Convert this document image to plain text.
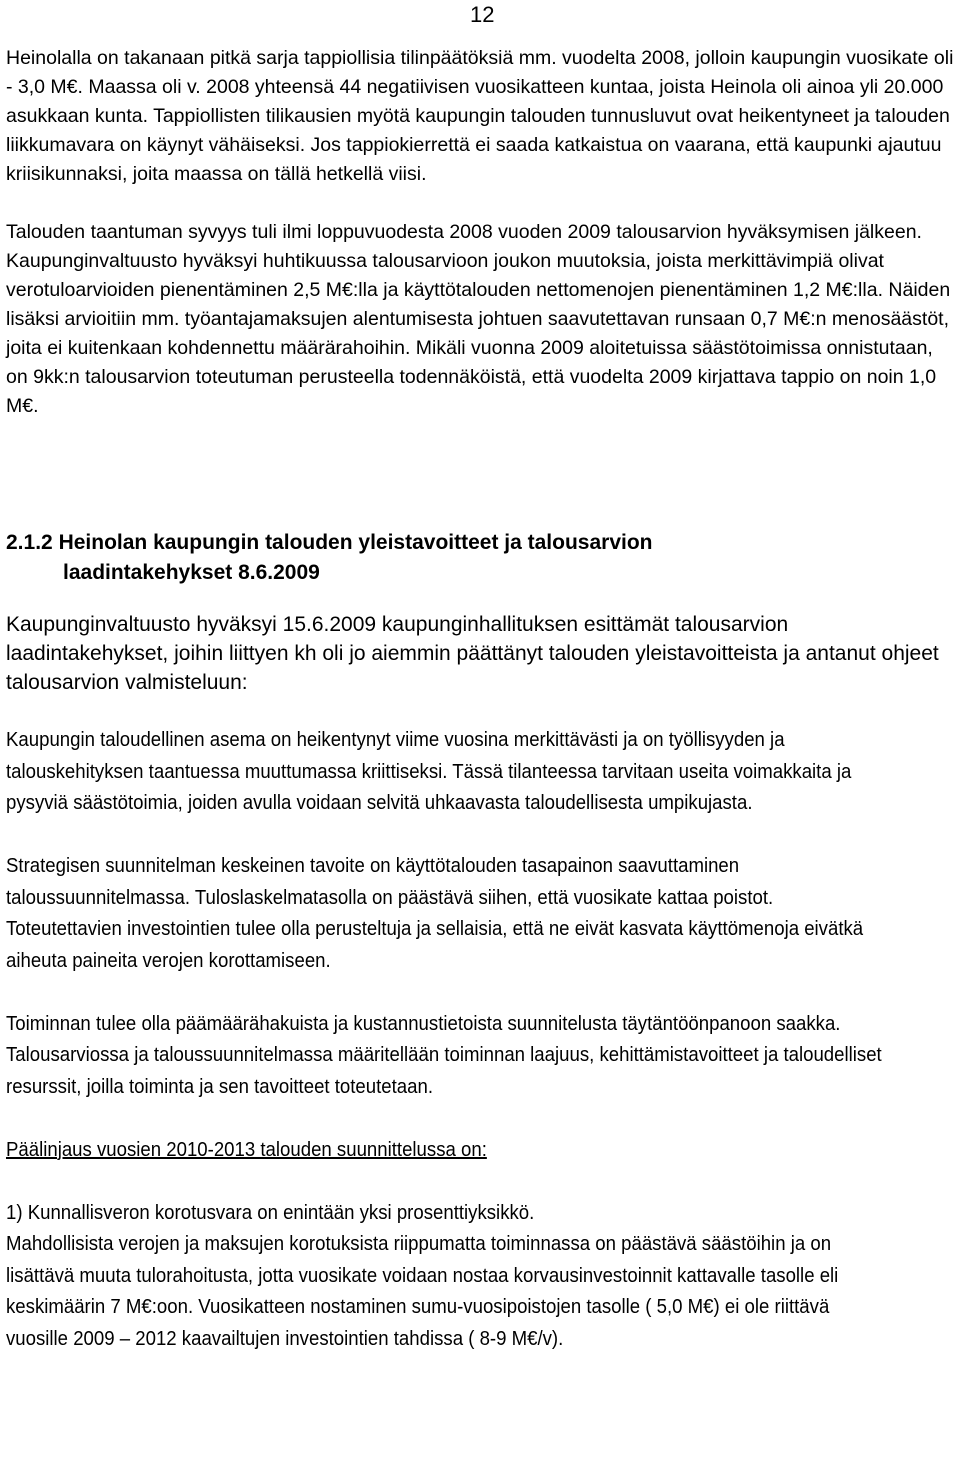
12

Heinolalla on takanaan pitkä sarja tappiollisia tilinpäätöksiä mm. vuodelta 2008, jolloin kaupungin vuosikate oli - 3,0 M€. Maassa oli v. 2008 yhteensä 44 negatiivisen vuosikatteen kuntaa, joista Heinola oli ainoa yli 20.000 asukkaan kunta. Tappiollisten tilikausien myötä kaupungin talouden tunnusluvut ovat heikentyneet ja talouden liikkumavara on käynyt vähäiseksi. Jos tappiokierrettä ei saada katkaistua on vaarana, että kaupunki ajautuu kriisikunnaksi, joita maassa on tällä hetkellä viisi.

Talouden taantuman syvyys tuli ilmi loppuvuodesta 2008 vuoden 2009 talousarvion hyväksymisen jälkeen. Kaupunginvaltuusto hyväksyi huhtikuussa talousarvioon joukon muutoksia, joista merkittävimpiä olivat verotuloarvioiden pienentäminen 2,5 M€:lla ja käyttötalouden nettomenojen pienentäminen 1,2 M€:lla. Näiden lisäksi arvioitiin mm. työantajamaksujen alentumisesta johtuen saavutettavan runsaan 0,7 M€:n menosäästöt, joita ei kuitenkaan kohdennettu määrärahoihin. Mikäli vuonna 2009 aloitetuissa säästötoimissa onnistutaan, on 9kk:n talousarvion toteutuman perusteella todennäköistä, että vuodelta 2009 kirjattava tappio on noin 1,0 M€.

2.1.2 Heinolan kaupungin talouden yleistavoitteet ja talousarvion
laadintakehykset 8.6.2009

Kaupunginvaltuusto hyväksyi 15.6.2009 kaupunginhallituksen esittämät talousarvion laadintakehykset, joihin liittyen kh oli jo aiemmin päättänyt talouden yleistavoitteista ja antanut ohjeet talousarvion valmisteluun:

Kaupungin taloudellinen asema on heikentynyt viime vuosina merkittävästi ja on työllisyyden ja talouskehityksen taantuessa muuttumassa kriittiseksi. Tässä tilanteessa tarvitaan useita voimakkaita ja pysyviä säästötoimia, joiden avulla voidaan selvitä uhkaavasta taloudellisesta umpikujasta.

Strategisen suunnitelman keskeinen tavoite on käyttötalouden tasapainon saavuttaminen taloussuunnitelmassa. Tuloslaskelmatasolla on päästävä siihen, että vuosikate kattaa poistot. Toteutettavien investointien tulee olla perusteltuja ja sellaisia, että ne eivät kasvata käyttömenoja eivätkä aiheuta paineita verojen korottamiseen.

Toiminnan tulee olla päämäärähakuista ja kustannustietoista suunnitelusta täytäntöönpanoon saakka. Talousarviossa ja taloussuunnitelmassa määritellään toiminnan laajuus, kehittämistavoitteet ja taloudelliset resurssit, joilla toiminta ja sen tavoitteet toteutetaan.

Päälinjaus vuosien 2010-2013 talouden suunnittelussa on:

1) Kunnallisveron korotusvara on enintään yksi prosenttiyksikkö.

Mahdollisista verojen ja maksujen korotuksista riippumatta toiminnassa on päästävä säästöihin ja on lisättävä muuta tulorahoitusta, jotta vuosikate voidaan nostaa korvausinvestoinnit kattavalle tasolle eli keskimäärin 7 M€:oon. Vuosikatteen nostaminen sumu-vuosipoistojen tasolle ( 5,0 M€) ei ole riittävä vuosille 2009 – 2012 kaavailtujen investointien tahdissa ( 8-9 M€/v).
